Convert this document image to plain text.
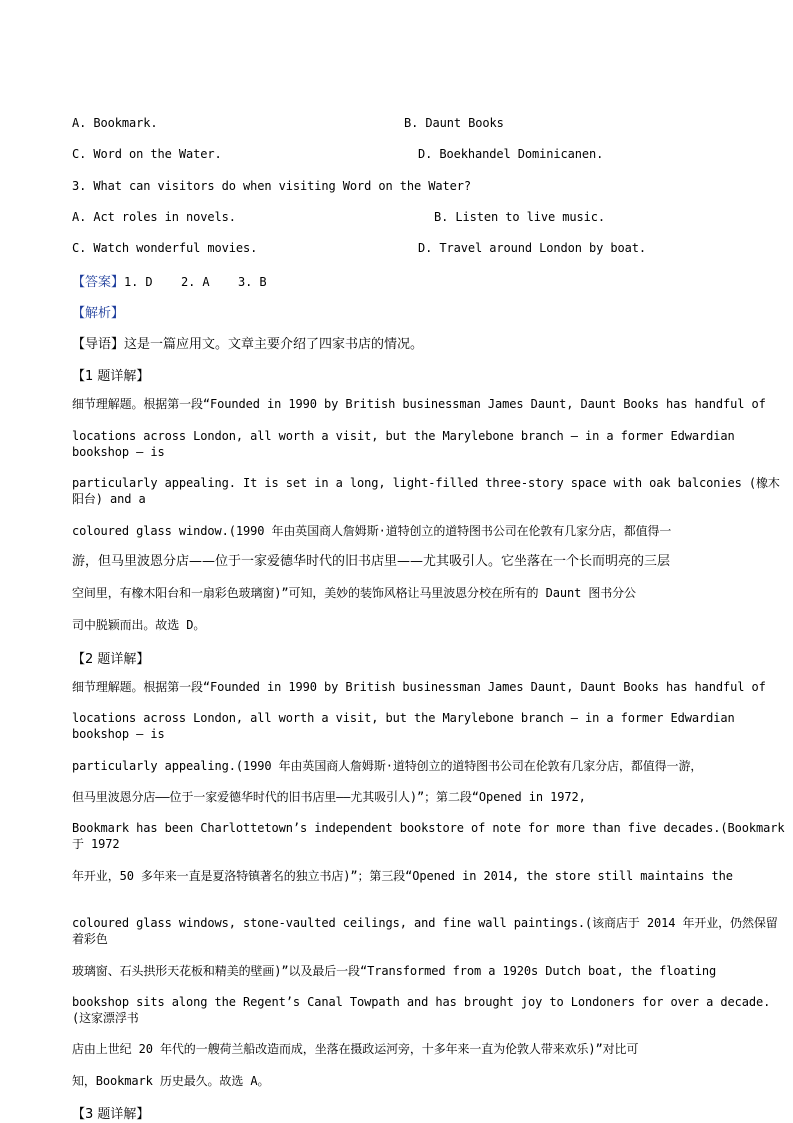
A. Bookmark.	B. Daunt Books
C. Word on the Water.	D. Boekhandel Dominicanen.
3. What can visitors do when visiting Word on the Water?
A. Act roles in novels.	B. Listen to live music.
C. Watch wonderful movies.	D. Travel around London by boat.
【答案】1. D    2. A    3. B
【解析】
【导语】这是一篇应用文。文章主要介绍了四家书店的情况。
【1 题详解】
细节理解题。根据第一段“Founded in 1990 by British businessman James Daunt, Daunt Books has handful of
locations across London, all worth a visit, but the Marylebone branch — in a former Edwardian bookshop — is
particularly appealing. It is set in a long, light-filled three-story space with oak balconies (橡木阳台) and a
coloured glass window.(1990 年由英国商人詹姆斯·道特创立的道特图书公司在伦敦有几家分店，都值得一
游，但马里波恩分店——位于一家爱德华时代的旧书店里——尤其吸引人。它坐落在一个长而明亮的三层
空间里，有橡木阳台和一扇彩色玻璃窗)”可知，美妙的装饰风格让马里波恩分校在所有的 Daunt 图书分公
司中脱颖而出。故选 D。
【2 题详解】
细节理解题。根据第一段“Founded in 1990 by British businessman James Daunt, Daunt Books has handful of
locations across London, all worth a visit, but the Marylebone branch — in a former Edwardian bookshop — is
particularly appealing.(1990 年由英国商人詹姆斯·道特创立的道特图书公司在伦敦有几家分店，都值得一游，
但马里波恩分店——位于一家爱德华时代的旧书店里——尤其吸引人)”；第二段“Opened in 1972,
Bookmark has been Charlottetown’s independent bookstore of note for more than five decades.(Bookmark 于 1972
年开业，50 多年来一直是夏洛特镇著名的独立书店)”；第三段“Opened in 2014, the store still maintains the
coloured glass windows, stone-vaulted ceilings, and fine wall paintings.(该商店于 2014 年开业，仍然保留着彩色
玻璃窗、石头拱形天花板和精美的壁画)”以及最后一段“Transformed from a 1920s Dutch boat, the floating
bookshop sits along the Regent’s Canal Towpath and has brought joy to Londoners for over a decade.(这家漂浮书
店由上世纪 20 年代的一艘荷兰船改造而成，坐落在摄政运河旁，十多年来一直为伦敦人带来欢乐)”对比可
知，Bookmark 历史最久。故选 A。
【3 题详解】
